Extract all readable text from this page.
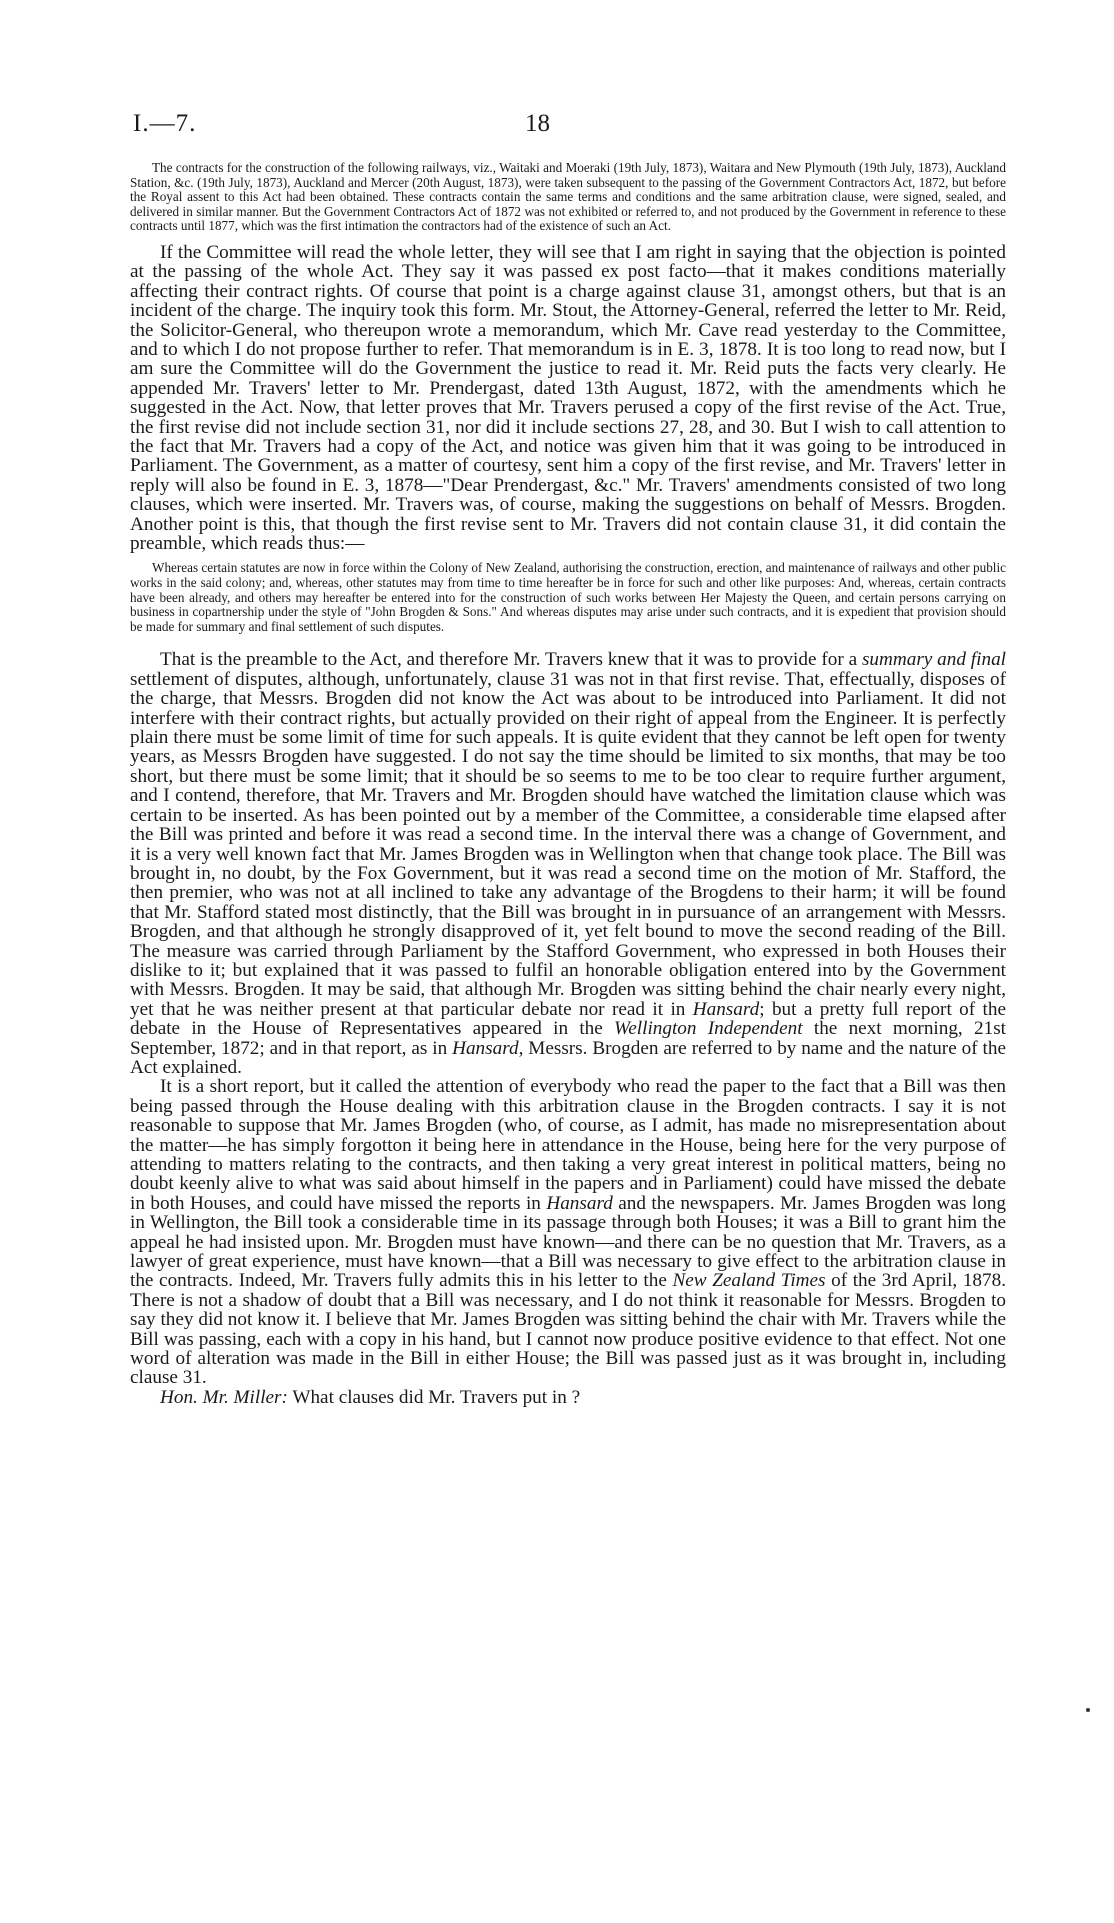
I.—7.	18

The contracts for the construction of the following railways, viz., Waitaki and Moeraki (19th July, 1873), Waitara and New Plymouth (19th July, 1873), Auckland Station, &c. (19th July, 1873), Auckland and Mercer (20th August, 1873), were taken subsequent to the passing of the Government Contractors Act, 1872, but before the Royal assent to this Act had been obtained. These contracts contain the same terms and conditions and the same arbitration clause, were signed, sealed, and delivered in similar manner. But the Government Contractors Act of 1872 was not exhibited or referred to, and not produced by the Government in reference to these contracts until 1877, which was the first intimation the contractors had of the existence of such an Act.

If the Committee will read the whole letter, they will see that I am right in saying that the objection is pointed at the passing of the whole Act. They say it was passed ex post facto—that it makes conditions materially affecting their contract rights. Of course that point is a charge against clause 31, amongst others, but that is an incident of the charge. The inquiry took this form. Mr. Stout, the Attorney-General, referred the letter to Mr. Reid, the Solicitor-General, who thereupon wrote a memorandum, which Mr. Cave read yesterday to the Committee, and to which I do not propose further to refer. That memorandum is in E. 3, 1878. It is too long to read now, but I am sure the Committee will do the Government the justice to read it. Mr. Reid puts the facts very clearly. He appended Mr. Travers' letter to Mr. Prendergast, dated 13th August, 1872, with the amendments which he suggested in the Act. Now, that letter proves that Mr. Travers perused a copy of the first revise of the Act. True, the first revise did not include section 31, nor did it include sections 27, 28, and 30. But I wish to call attention to the fact that Mr. Travers had a copy of the Act, and notice was given him that it was going to be introduced in Parliament. The Government, as a matter of courtesy, sent him a copy of the first revise, and Mr. Travers' letter in reply will also be found in E. 3, 1878—"Dear Prendergast, &c." Mr. Travers' amendments consisted of two long clauses, which were inserted. Mr. Travers was, of course, making the suggestions on behalf of Messrs. Brogden. Another point is this, that though the first revise sent to Mr. Travers did not contain clause 31, it did contain the preamble, which reads thus:—

Whereas certain statutes are now in force within the Colony of New Zealand, authorising the construction, erection, and maintenance of railways and other public works in the said colony; and, whereas, other statutes may from time to time hereafter be in force for such and other like purposes: And, whereas, certain contracts have been already, and others may hereafter be entered into for the construction of such works between Her Majesty the Queen, and certain persons carrying on business in copartnership under the style of "John Brogden & Sons." And whereas disputes may arise under such contracts, and it is expedient that provision should be made for summary and final settlement of such disputes.

That is the preamble to the Act, and therefore Mr. Travers knew that it was to provide for a summary and final settlement of disputes, although, unfortunately, clause 31 was not in that first revise. That, effectually, disposes of the charge, that Messrs. Brogden did not know the Act was about to be introduced into Parliament. It did not interfere with their contract rights, but actually provided on their right of appeal from the Engineer. It is perfectly plain there must be some limit of time for such appeals. It is quite evident that they cannot be left open for twenty years, as Messrs Brogden have suggested. I do not say the time should be limited to six months, that may be too short, but there must be some limit; that it should be so seems to me to be too clear to require further argument, and I contend, therefore, that Mr. Travers and Mr. Brogden should have watched the limitation clause which was certain to be inserted. As has been pointed out by a member of the Committee, a considerable time elapsed after the Bill was printed and before it was read a second time. In the interval there was a change of Government, and it is a very well known fact that Mr. James Brogden was in Wellington when that change took place. The Bill was brought in, no doubt, by the Fox Government, but it was read a second time on the motion of Mr. Stafford, the then premier, who was not at all inclined to take any advantage of the Brogdens to their harm; it will be found that Mr. Stafford stated most distinctly, that the Bill was brought in in pursuance of an arrangement with Messrs. Brogden, and that although he strongly disapproved of it, yet felt bound to move the second reading of the Bill. The measure was carried through Parliament by the Stafford Government, who expressed in both Houses their dislike to it; but explained that it was passed to fulfil an honorable obligation entered into by the Government with Messrs. Brogden. It may be said, that although Mr. Brogden was sitting behind the chair nearly every night, yet that he was neither present at that particular debate nor read it in Hansard; but a pretty full report of the debate in the House of Representatives appeared in the Wellington Independent the next morning, 21st September, 1872; and in that report, as in Hansard, Messrs. Brogden are referred to by name and the nature of the Act explained.

It is a short report, but it called the attention of everybody who read the paper to the fact that a Bill was then being passed through the House dealing with this arbitration clause in the Brogden contracts. I say it is not reasonable to suppose that Mr. James Brogden (who, of course, as I admit, has made no misrepresentation about the matter—he has simply forgotton it being here in attendance in the House, being here for the very purpose of attending to matters relating to the contracts, and then taking a very great interest in political matters, being no doubt keenly alive to what was said about himself in the papers and in Parliament) could have missed the debate in both Houses, and could have missed the reports in Hansard and the newspapers. Mr. James Brogden was long in Wellington, the Bill took a considerable time in its passage through both Houses; it was a Bill to grant him the appeal he had insisted upon. Mr. Brogden must have known—and there can be no question that Mr. Travers, as a lawyer of great experience, must have known—that a Bill was necessary to give effect to the arbitration clause in the contracts. Indeed, Mr. Travers fully admits this in his letter to the New Zealand Times of the 3rd April, 1878. There is not a shadow of doubt that a Bill was necessary, and I do not think it reasonable for Messrs. Brogden to say they did not know it. I believe that Mr. James Brogden was sitting behind the chair with Mr. Travers while the Bill was passing, each with a copy in his hand, but I cannot now produce positive evidence to that effect. Not one word of alteration was made in the Bill in either House; the Bill was passed just as it was brought in, including clause 31.

Hon. Mr. Miller: What clauses did Mr. Travers put in ?
